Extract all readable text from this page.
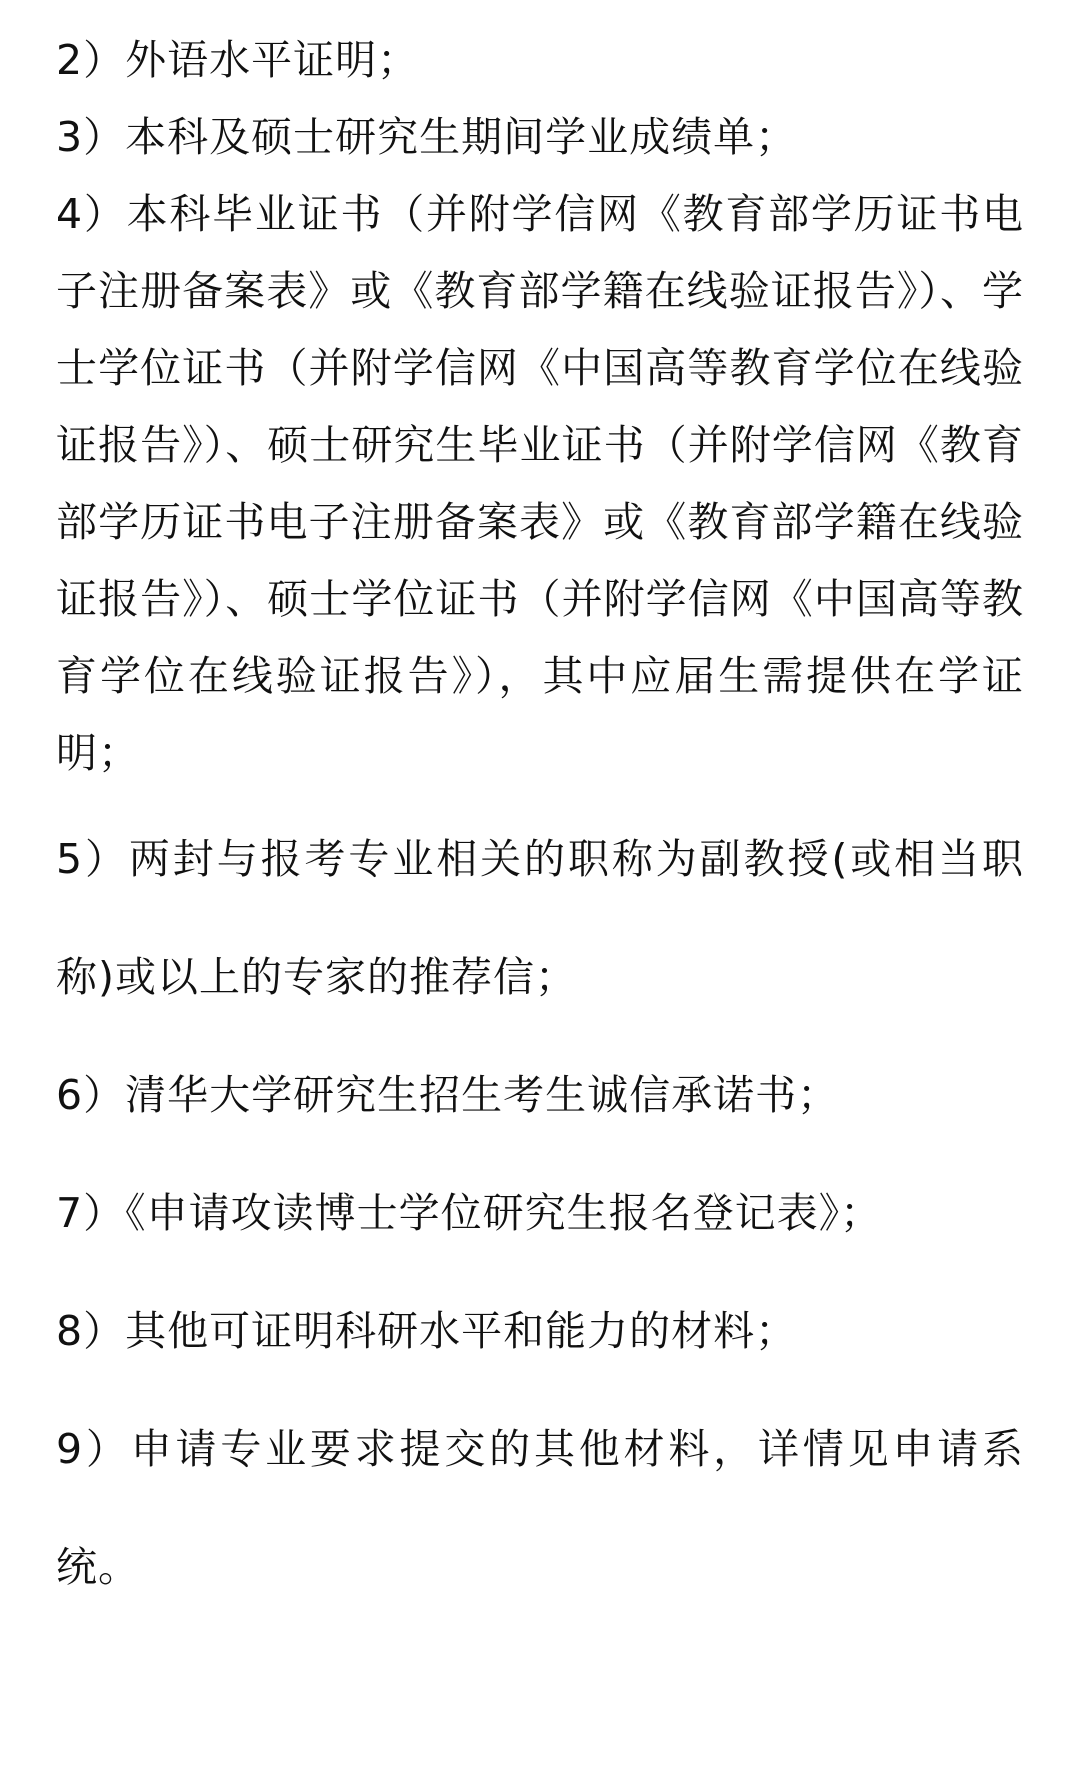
2）外语水平证明；

3）本科及硕士研究生期间学业成绩单；

4）本科毕业证书（并附学信网《教育部学历证书电子注册备案表》或《教育部学籍在线验证报告》）、学士学位证书（并附学信网《中国高等教育学位在线验证报告》）、硕士研究生毕业证书（并附学信网《教育部学历证书电子注册备案表》或《教育部学籍在线验证报告》）、硕士学位证书（并附学信网《中国高等教育学位在线验证报告》），其中应届生需提供在学证明；

5）两封与报考专业相关的职称为副教授(或相当职称)或以上的专家的推荐信；

6）清华大学研究生招生考生诚信承诺书；

7）《申请攻读博士学位研究生报名登记表》；

8）其他可证明科研水平和能力的材料；

9）申请专业要求提交的其他材料，详情见申请系统。
